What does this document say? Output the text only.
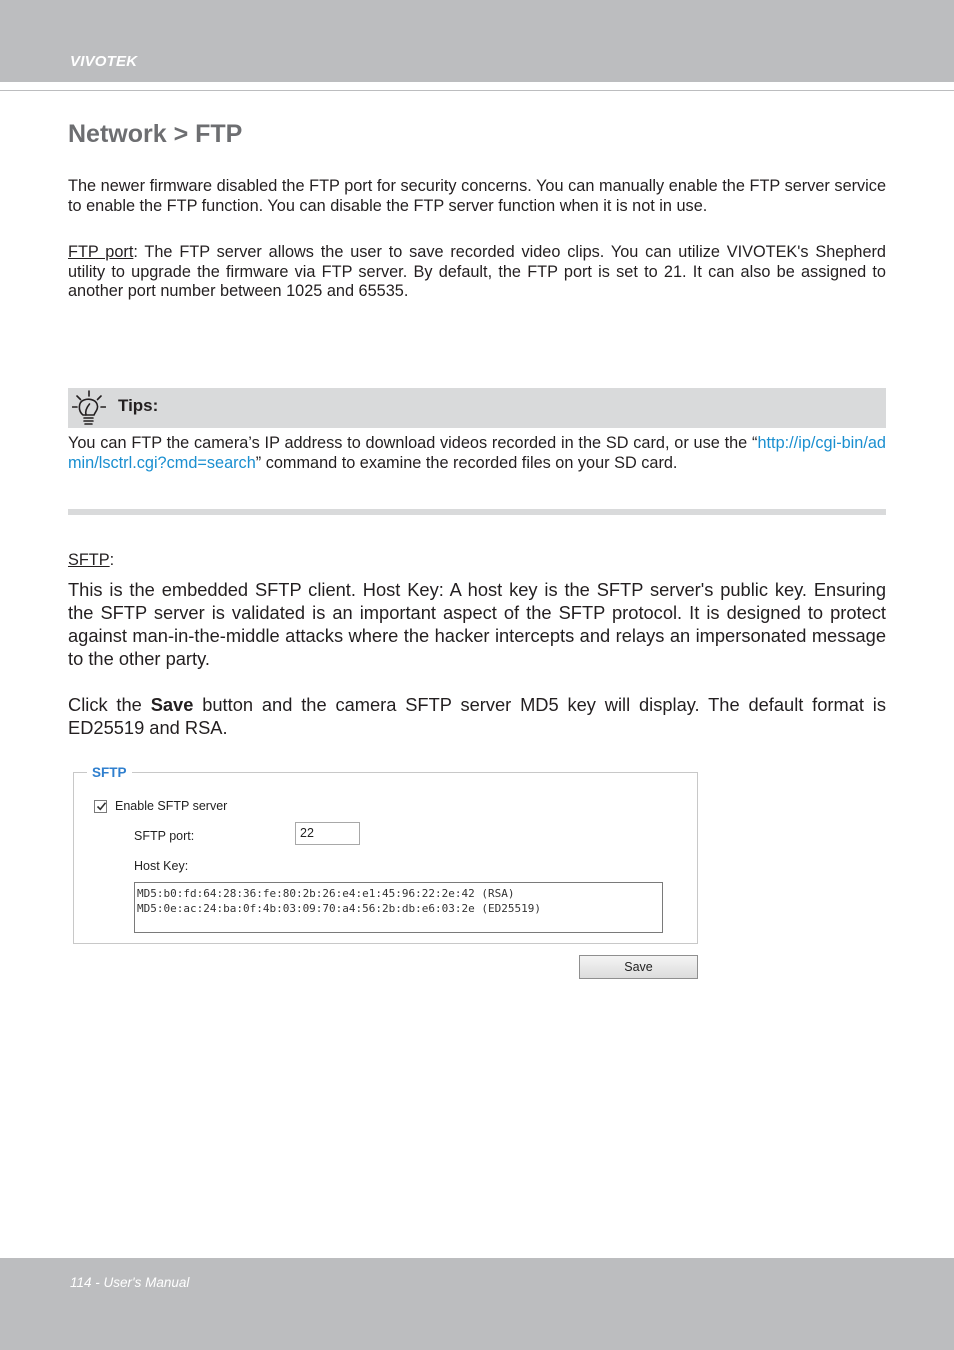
VIVOTEK
Network > FTP
The newer firmware disabled the FTP port for security concerns. You can manually enable the FTP server service to enable the FTP function. You can disable the FTP server function when it is not in use.
FTP port: The FTP server allows the user to save recorded video clips. You can utilize VIVOTEK's Shepherd utility to upgrade the firmware via FTP server. By default, the FTP port is set to 21. It can also be assigned to another port number between 1025 and 65535.
Tips:
You can FTP the camera’s IP address to download videos recorded in the SD card, or use the “http://ip/cgi-bin/admin/lsctrl.cgi?cmd=search” command to examine the recorded files on your SD card.
SFTP:
This is the embedded SFTP client. Host Key: A host key is the SFTP server's public key. Ensuring the SFTP server is validated is an important aspect of the SFTP protocol. It is designed to protect against man-in-the-middle attacks where the hacker intercepts and relays an impersonated message to the other party.
Click the Save button and the camera SFTP server MD5 key will display. The default format is ED25519 and RSA.
SFTP
Enable SFTP server
SFTP port:	22
Host Key:
MD5:b0:fd:64:28:36:fe:80:2b:26:e4:e1:45:96:22:2e:42 (RSA)
MD5:0e:ac:24:ba:0f:4b:03:09:70:a4:56:2b:db:e6:03:2e (ED25519)
Save
114 - User's Manual
